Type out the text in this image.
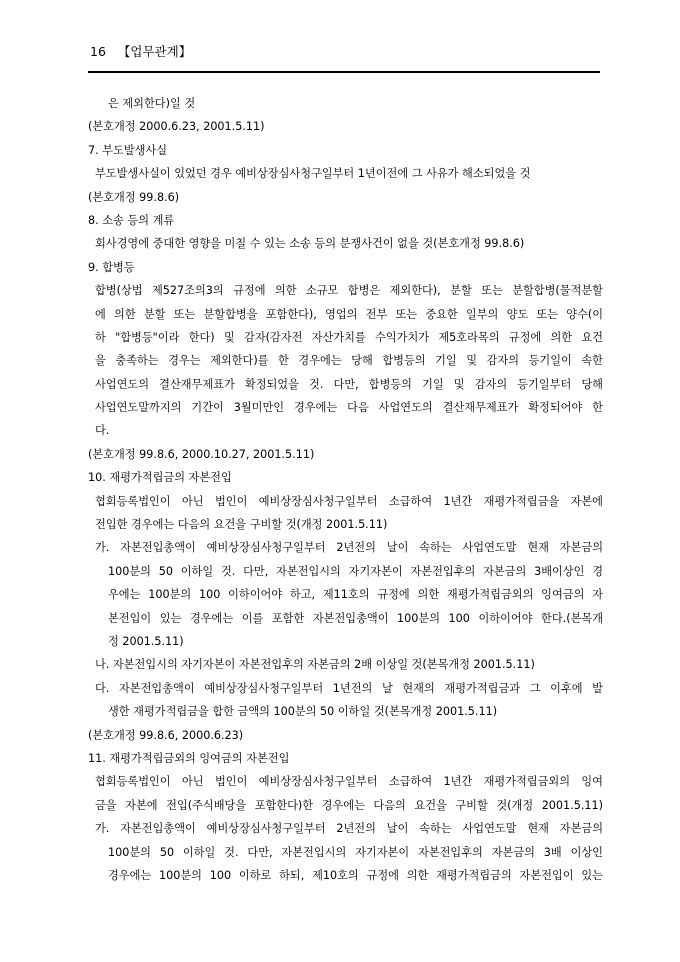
16 【업무관계】
은 제외한다)일 것
(본호개정 2000.6.23, 2001.5.11)
7. 부도발생사실
부도발생사실이 있었던 경우 예비상장심사청구일부터 1년이전에 그 사유가 해소되었을 것
(본호개정 99.8.6)
8. 소송 등의 계류
회사경영에 중대한 영향을 미칠 수 있는 소송 등의 분쟁사건이 없을 것(본호개정 99.8.6)
9. 합병등
합병(상법 제527조의3의 규정에 의한 소규모 합병은 제외한다), 분할 또는 분할합병(물적분할
에 의한 분할 또는 분할합병을 포함한다), 영업의 전부 또는 중요한 일부의 양도 또는 양수(이
하 "합병등"이라 한다) 및 감자(감자전 자산가치를 수익가치가 제5호라목의 규정에 의한 요건
을 충족하는 경우는 제외한다)를 한 경우에는 당해 합병등의 기일 및 감자의 등기일이 속한
사업연도의 결산재무제표가 확정되었을 것. 다만, 합병등의 기일 및 감자의 등기일부터 당해
사업연도말까지의 기간이 3월미만인 경우에는 다음 사업연도의 결산재무제표가 확정되어야 한
다.
(본호개정 99.8.6, 2000.10.27, 2001.5.11)
10. 재평가적립금의 자본전입
협회등록법인이 아닌 법인이 예비상장심사청구일부터 소급하여 1년간 재평가적립금을 자본에
전입한 경우에는 다음의 요건을 구비할 것(개정 2001.5.11)
가. 자본전입총액이 예비상장심사청구일부터 2년전의 날이 속하는 사업연도말 현재 자본금의
100분의 50 이하일 것. 다만, 자본전입시의 자기자본이 자본전입후의 자본금의 3배이상인 경
우에는 100분의 100 이하이어야 하고, 제11호의 규정에 의한 재평가적립금외의 잉여금의 자
본전입이 있는 경우에는 이를 포함한 자본전입총액이 100분의 100 이하이어야 한다.(본목개
정 2001.5.11)
나. 자본전입시의 자기자본이 자본전입후의 자본금의 2배 이상일 것(본목개정 2001.5.11)
다. 자본전입총액이 예비상장심사청구일부터 1년전의 날 현재의 재평가적립금과 그 이후에 발
생한 재평가적립금을 합한 금액의 100분의 50 이하일 것(본목개정 2001.5.11)
(본호개정 99.8.6, 2000.6.23)
11. 재평가적립금외의 잉여금의 자본전입
협회등록법인이 아닌 법인이 예비상장심사청구일부터 소급하여 1년간 재평가적립금외의 잉여
금을 자본에 전입(주식배당을 포함한다)한 경우에는 다음의 요건을 구비할 것(개정 2001.5.11)
가. 자본전입총액이 예비상장심사청구일부터 2년전의 날이 속하는 사업연도말 현재 자본금의
100분의 50 이하일 것. 다만, 자본전입시의 자기자본이 자본전입후의 자본금의 3배 이상인
경우에는 100분의 100 이하로 하되, 제10호의 규정에 의한 재평가적립금의 자본전입이 있는
